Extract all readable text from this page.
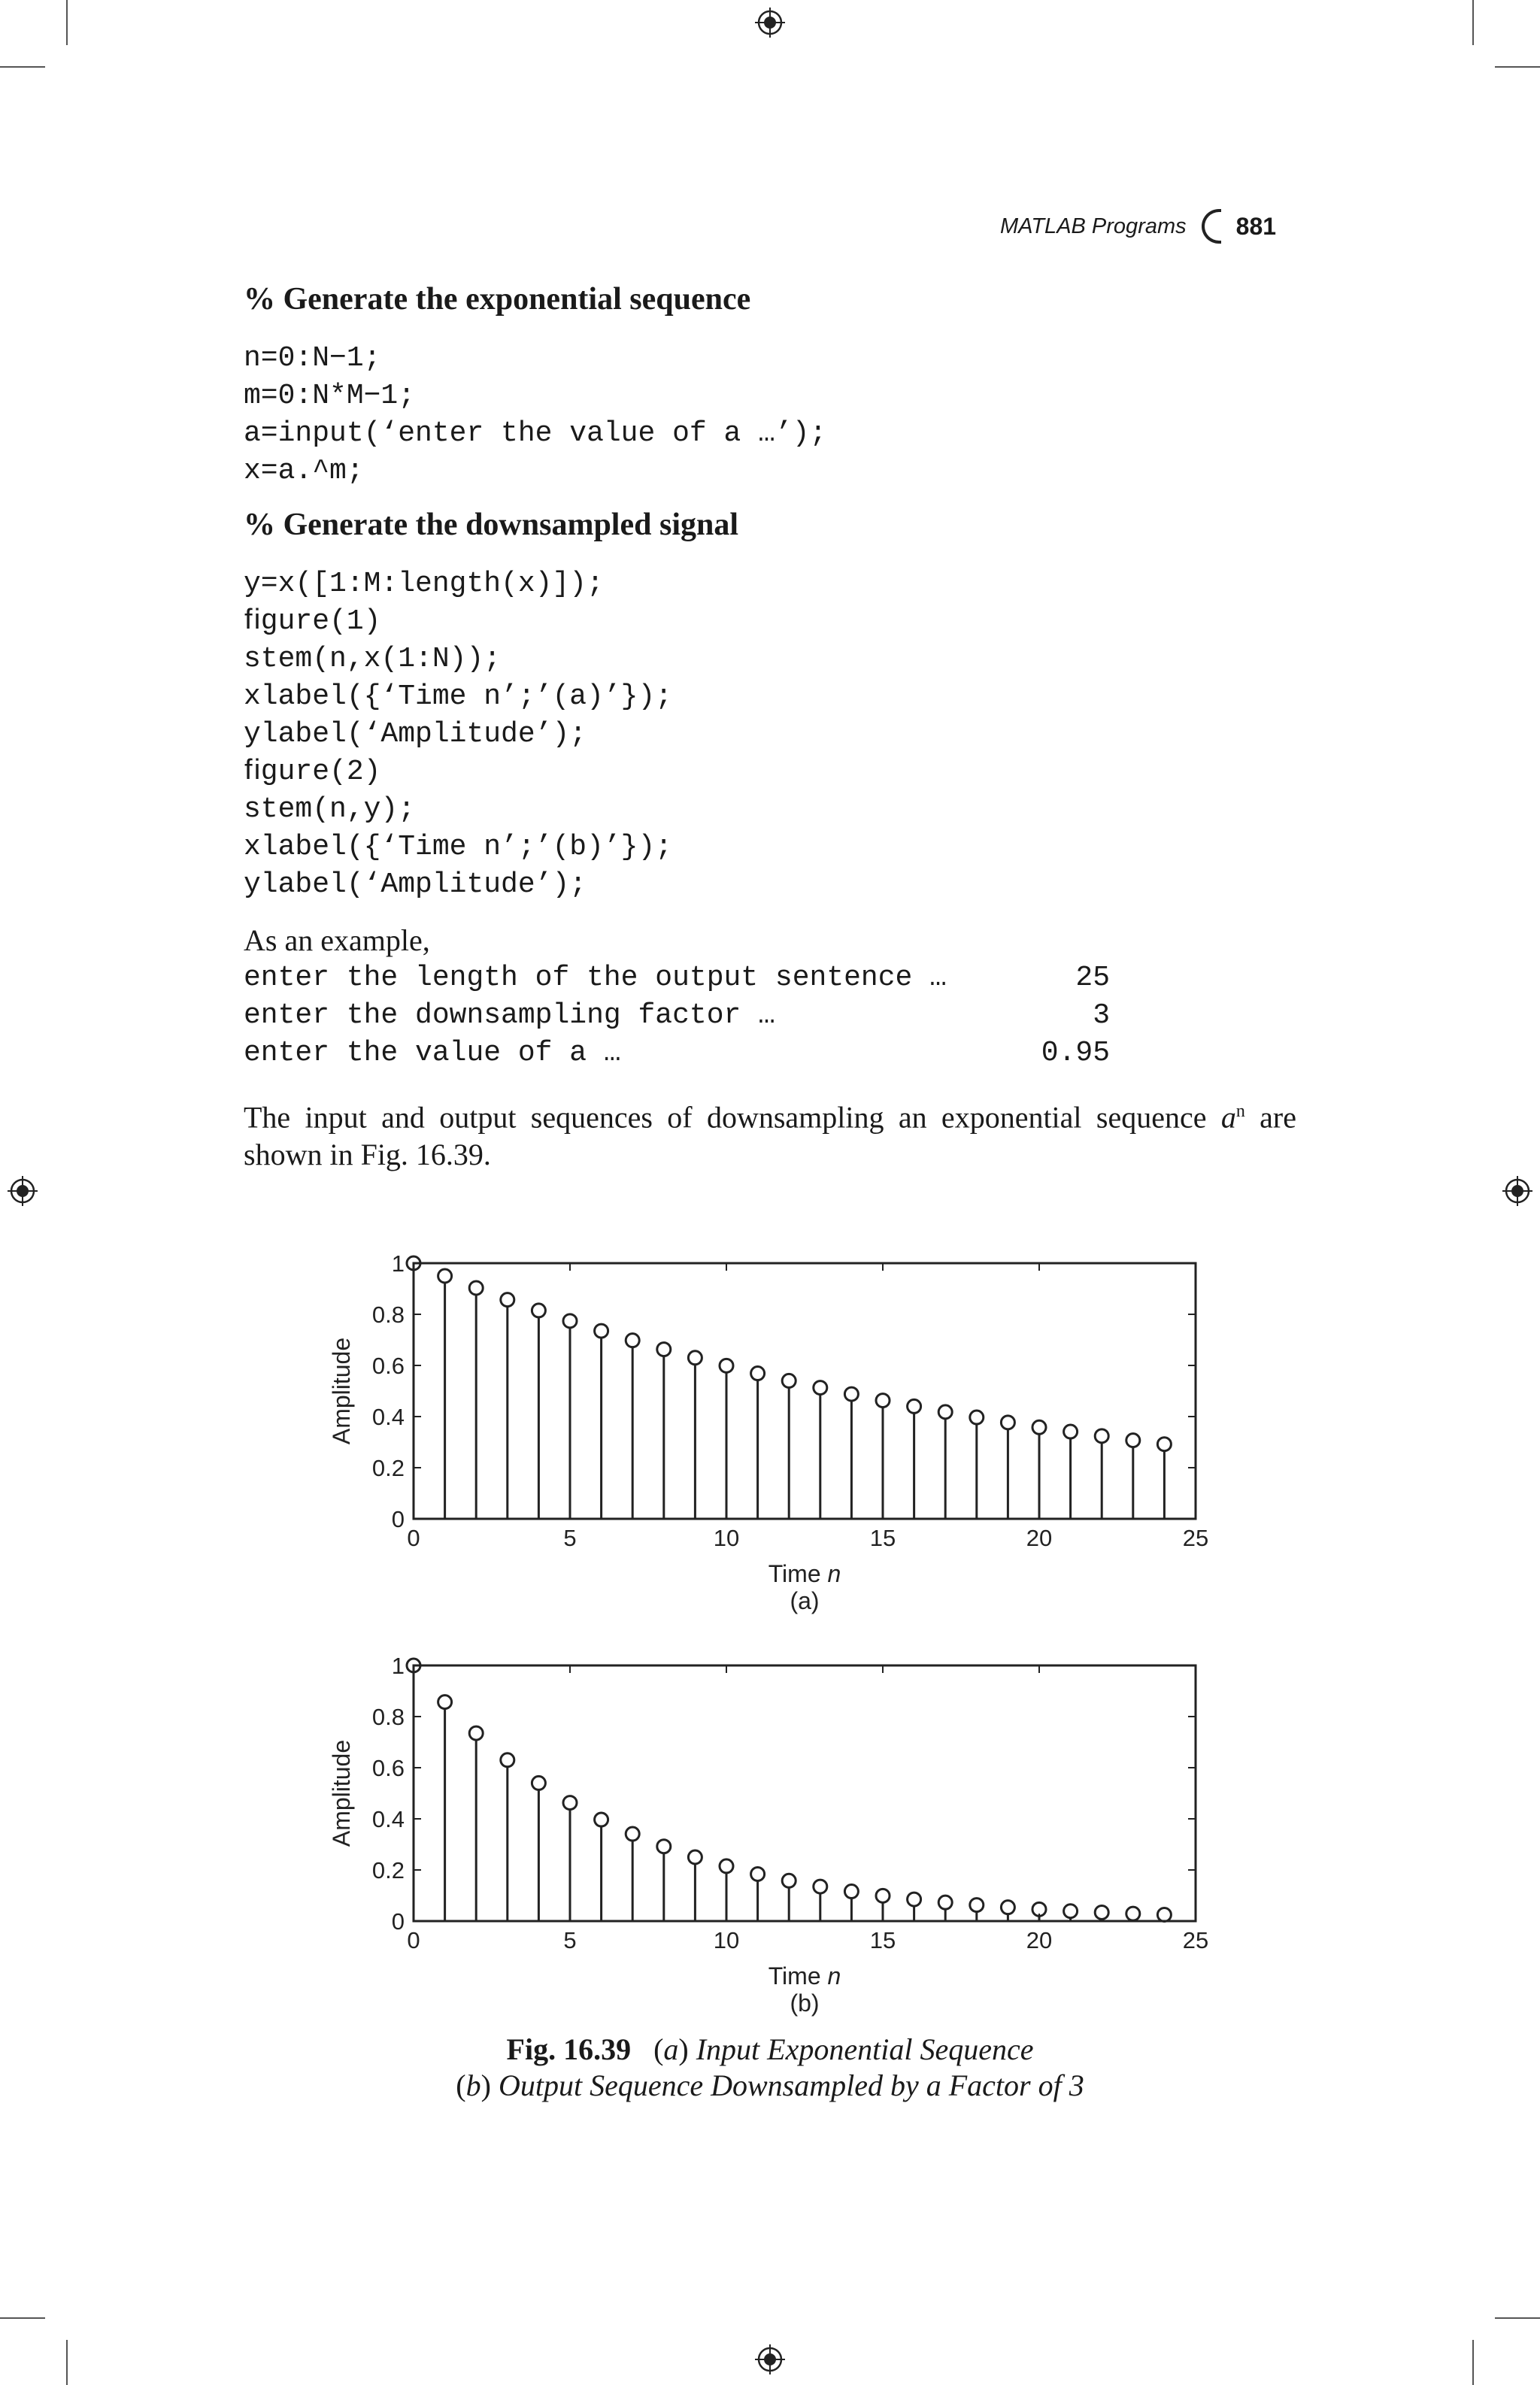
MATLAB Programs 881
% Generate the exponential sequence
n=0:N−1;
m=0:N*M−1;
a=input(‘enter the value of a …’);
x=a.^m;
% Generate the downsampled signal
y=x([1:M:length(x)]);
ﬁgure(1)
stem(n,x(1:N));
xlabel({‘Time n’;’(a)’});
ylabel(‘Amplitude’);
ﬁgure(2)
stem(n,y);
xlabel({‘Time n’;’(b)’});
ylabel(‘Amplitude’);
As an example,
enter the length of the output sentence …	25
enter the downsampling factor …	3
enter the value of a …	0.95
The input and output sequences of downsampling an exponential sequence $a^n$ are shown in Fig. 16.39.
0	5	10	15	20	25
0
0.2
0.4
0.6
0.8
1
Amplitude
Time n
(a)
0	5	10	15	20	25
0
0.2
0.4
0.6
0.8
1
Amplitude
Time n
(b)
Fig. 16.39   (a) Input Exponential Sequence
(b) Output Sequence Downsampled by a Factor of 3
